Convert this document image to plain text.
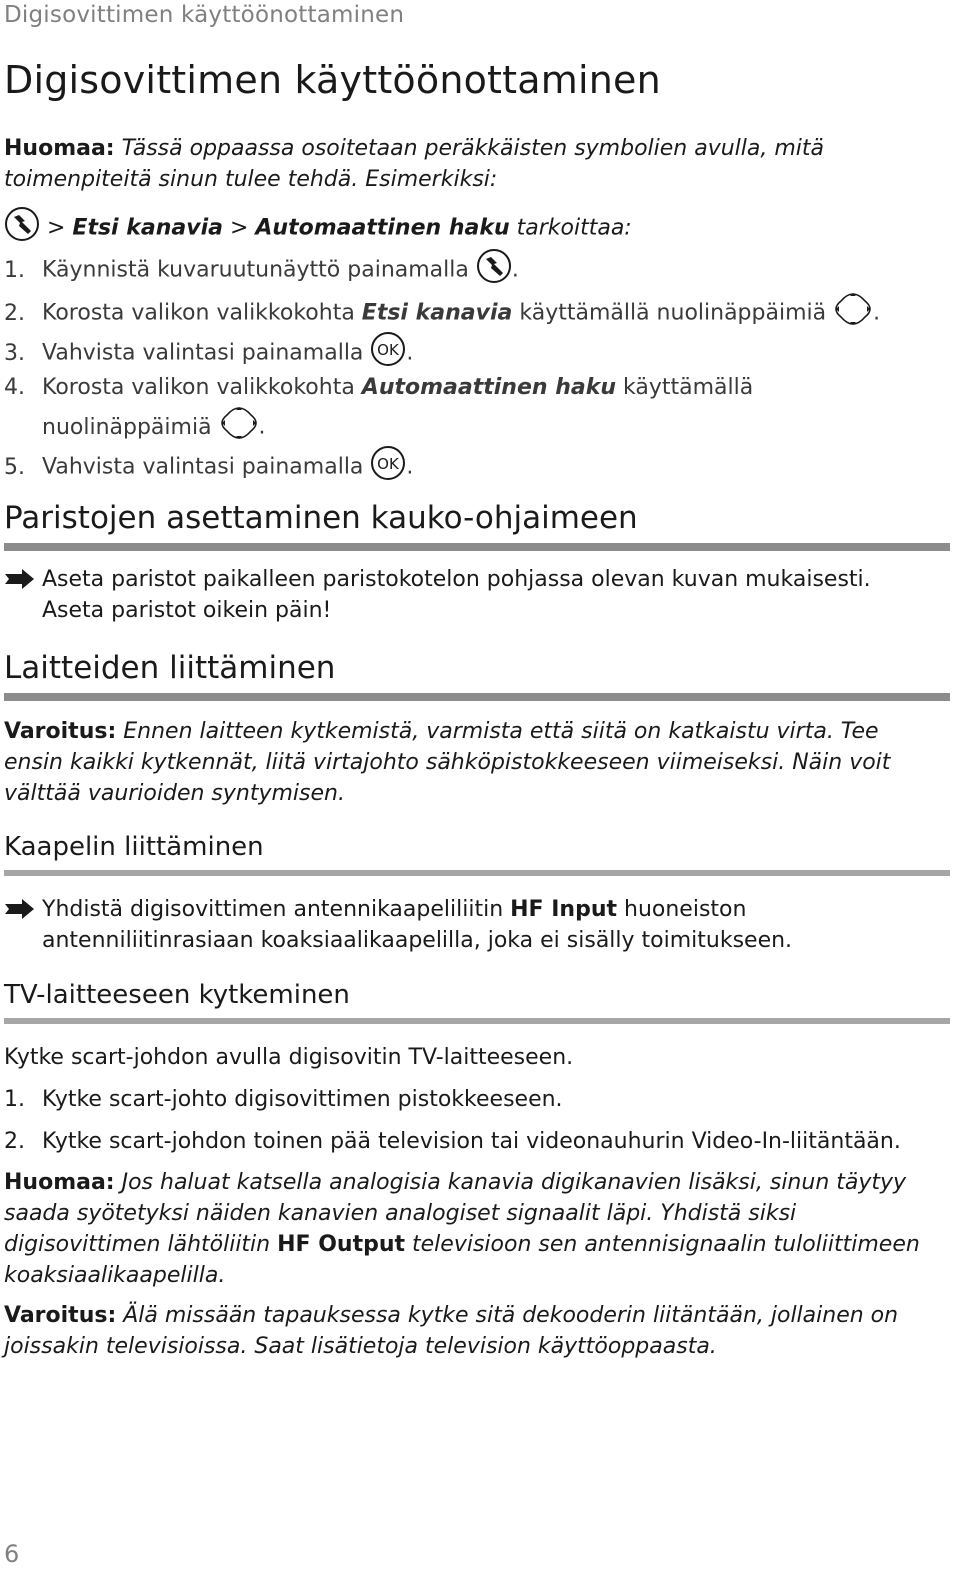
Digisovittimen käyttöönottaminen
Digisovittimen käyttöönottaminen
Huomaa: Tässä oppaassa osoitetaan peräkkäisten symbolien avulla, mitä toimenpiteitä sinun tulee tehdä. Esimerkiksi:
> Etsi kanavia > Automaattinen haku tarkoittaa:
1. Käynnistä kuvaruutunäyttö painamalla .
2. Korosta valikon valikkokohta Etsi kanavia käyttämällä nuolinäppäimiä .
3. Vahvista valintasi painamalla OK .
4. Korosta valikon valikkokohta Automaattinen haku käyttämällä
nuolinäppäimiä .
5. Vahvista valintasi painamalla OK .
Paristojen asettaminen kauko-ohjaimeen
Aseta paristot paikalleen paristokotelon pohjassa olevan kuvan mukaisesti. Aseta paristot oikein päin!
Laitteiden liittäminen
Varoitus: Ennen laitteen kytkemistä, varmista että siitä on katkaistu virta. Tee ensin kaikki kytkennät, liitä virtajohto sähköpistokkeeseen viimeiseksi. Näin voit välttää vaurioiden syntymisen.
Kaapelin liittäminen
Yhdistä digisovittimen antennikaapeliliitin HF Input huoneiston antenniliitinrasiaan koaksiaalikaapelilla, joka ei sisälly toimitukseen.
TV-laitteeseen kytkeminen
Kytke scart-johdon avulla digisovitin TV-laitteeseen.
1. Kytke scart-johto digisovittimen pistokkeeseen.
2. Kytke scart-johdon toinen pää television tai videonauhurin Video-In-liitäntään.
Huomaa: Jos haluat katsella analogisia kanavia digikanavien lisäksi, sinun täytyy saada syötetyksi näiden kanavien analogiset signaalit läpi. Yhdistä siksi digisovittimen lähtöliitin HF Output televisioon sen antennisignaalin tuloliittimeen koaksiaalikaapelilla.
Varoitus: Älä missään tapauksessa kytke sitä dekooderin liitäntään, jollainen on joissakin televisioissa. Saat lisätietoja television käyttöoppaasta.
6
